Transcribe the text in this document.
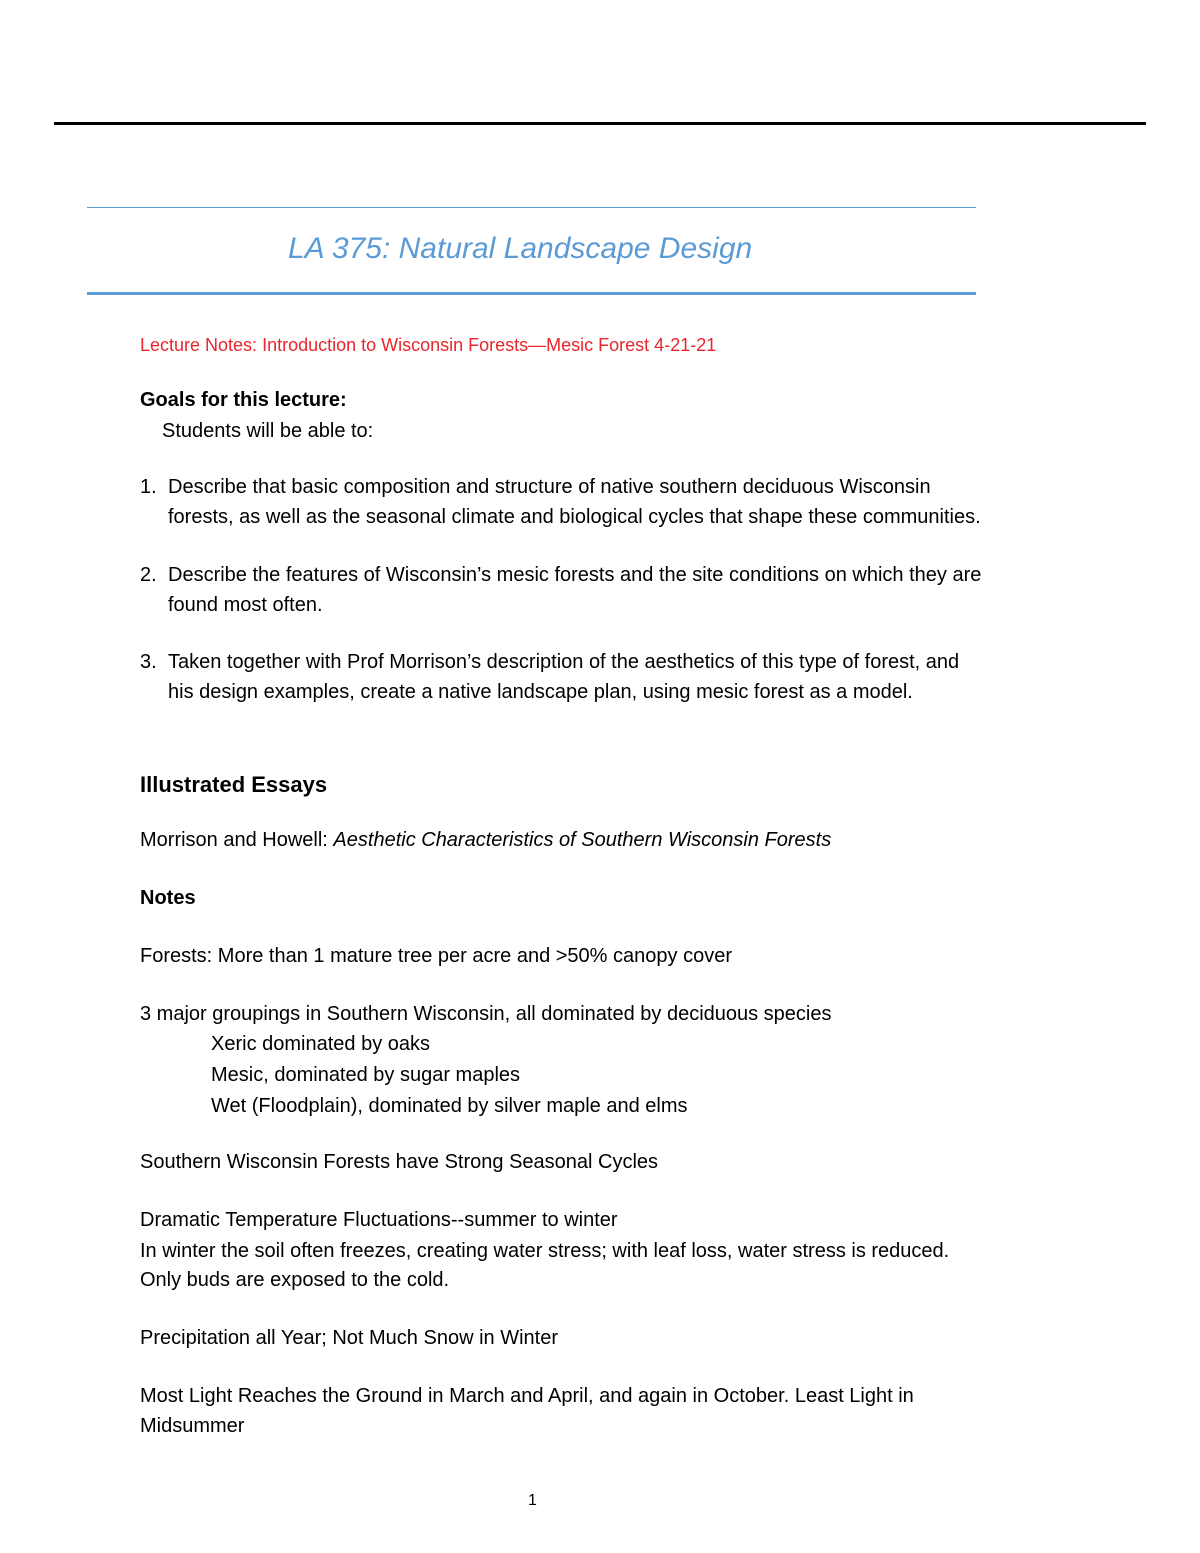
LA 375: Natural Landscape Design
Lecture Notes: Introduction to Wisconsin Forests—Mesic Forest 4-21-21
Goals for this lecture:
Students will be able to:
1. Describe that basic composition and structure of native southern deciduous Wisconsin
forests, as well as the seasonal climate and biological cycles that shape these communities.
2. Describe the features of Wisconsin’s mesic forests and the site conditions on which they are
found most often.
3. Taken together with Prof Morrison’s description of the aesthetics of this type of forest, and
his design examples, create a native landscape plan, using mesic forest as a model.
Illustrated Essays
Morrison and Howell: Aesthetic Characteristics of Southern Wisconsin Forests
Notes
Forests: More than 1 mature tree per acre and >50% canopy cover
3 major groupings in Southern Wisconsin, all dominated by deciduous species
Xeric dominated by oaks
Mesic, dominated by sugar maples
Wet (Floodplain), dominated by silver maple and elms
Southern Wisconsin Forests have Strong Seasonal Cycles
Dramatic Temperature Fluctuations--summer to winter
In winter the soil often freezes, creating water stress; with leaf loss, water stress is reduced.
Only buds are exposed to the cold.
Precipitation all Year; Not Much Snow in Winter
Most Light Reaches the Ground in March and April, and again in October. Least Light in
Midsummer
1
